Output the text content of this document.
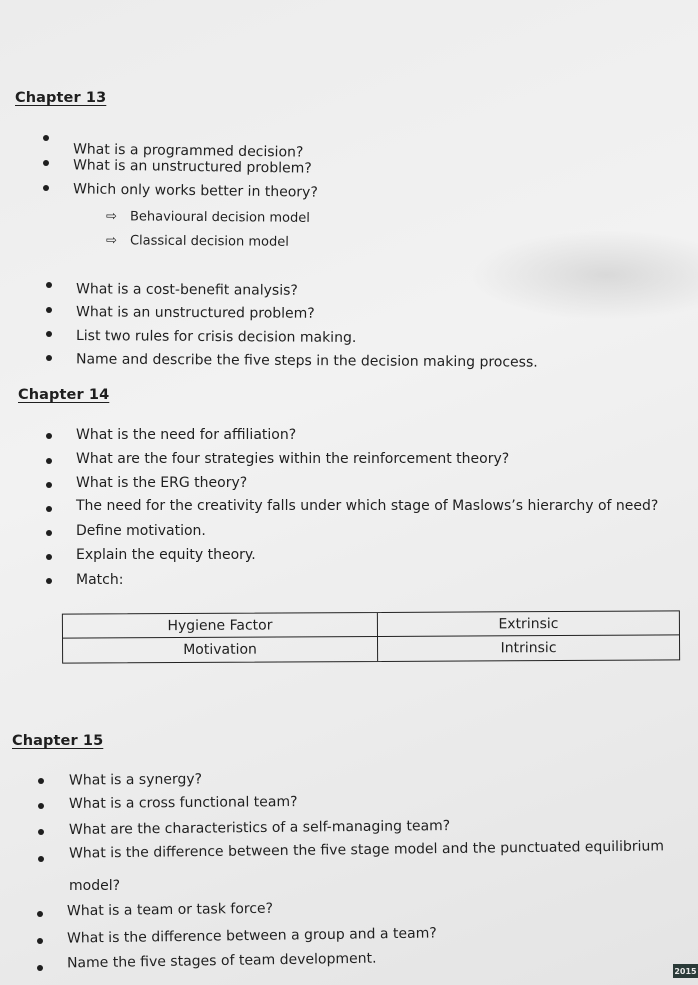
Chapter 13
What is a programmed decision?
What is an unstructured problem?
Which only works better in theory?
⇨ Behavioural decision model
⇨ Classical decision model
What is a cost-benefit analysis?
What is an unstructured problem?
List two rules for crisis decision making.
Name and describe the five steps in the decision making process.
Chapter 14
What is the need for affiliation?
What are the four strategies within the reinforcement theory?
What is the ERG theory?
The need for the creativity falls under which stage of Maslows’s hierarchy of need?
Define motivation.
Explain the equity theory.
Match:
Hygiene Factor	Extrinsic
Motivation	Intrinsic
Chapter 15
What is a synergy?
What is a cross functional team?
What are the characteristics of a self-managing team?
What is the difference between the five stage model and the punctuated equilibrium
model?
What is a team or task force?
What is the difference between a group and a team?
Name the five stages of team development.	2015
